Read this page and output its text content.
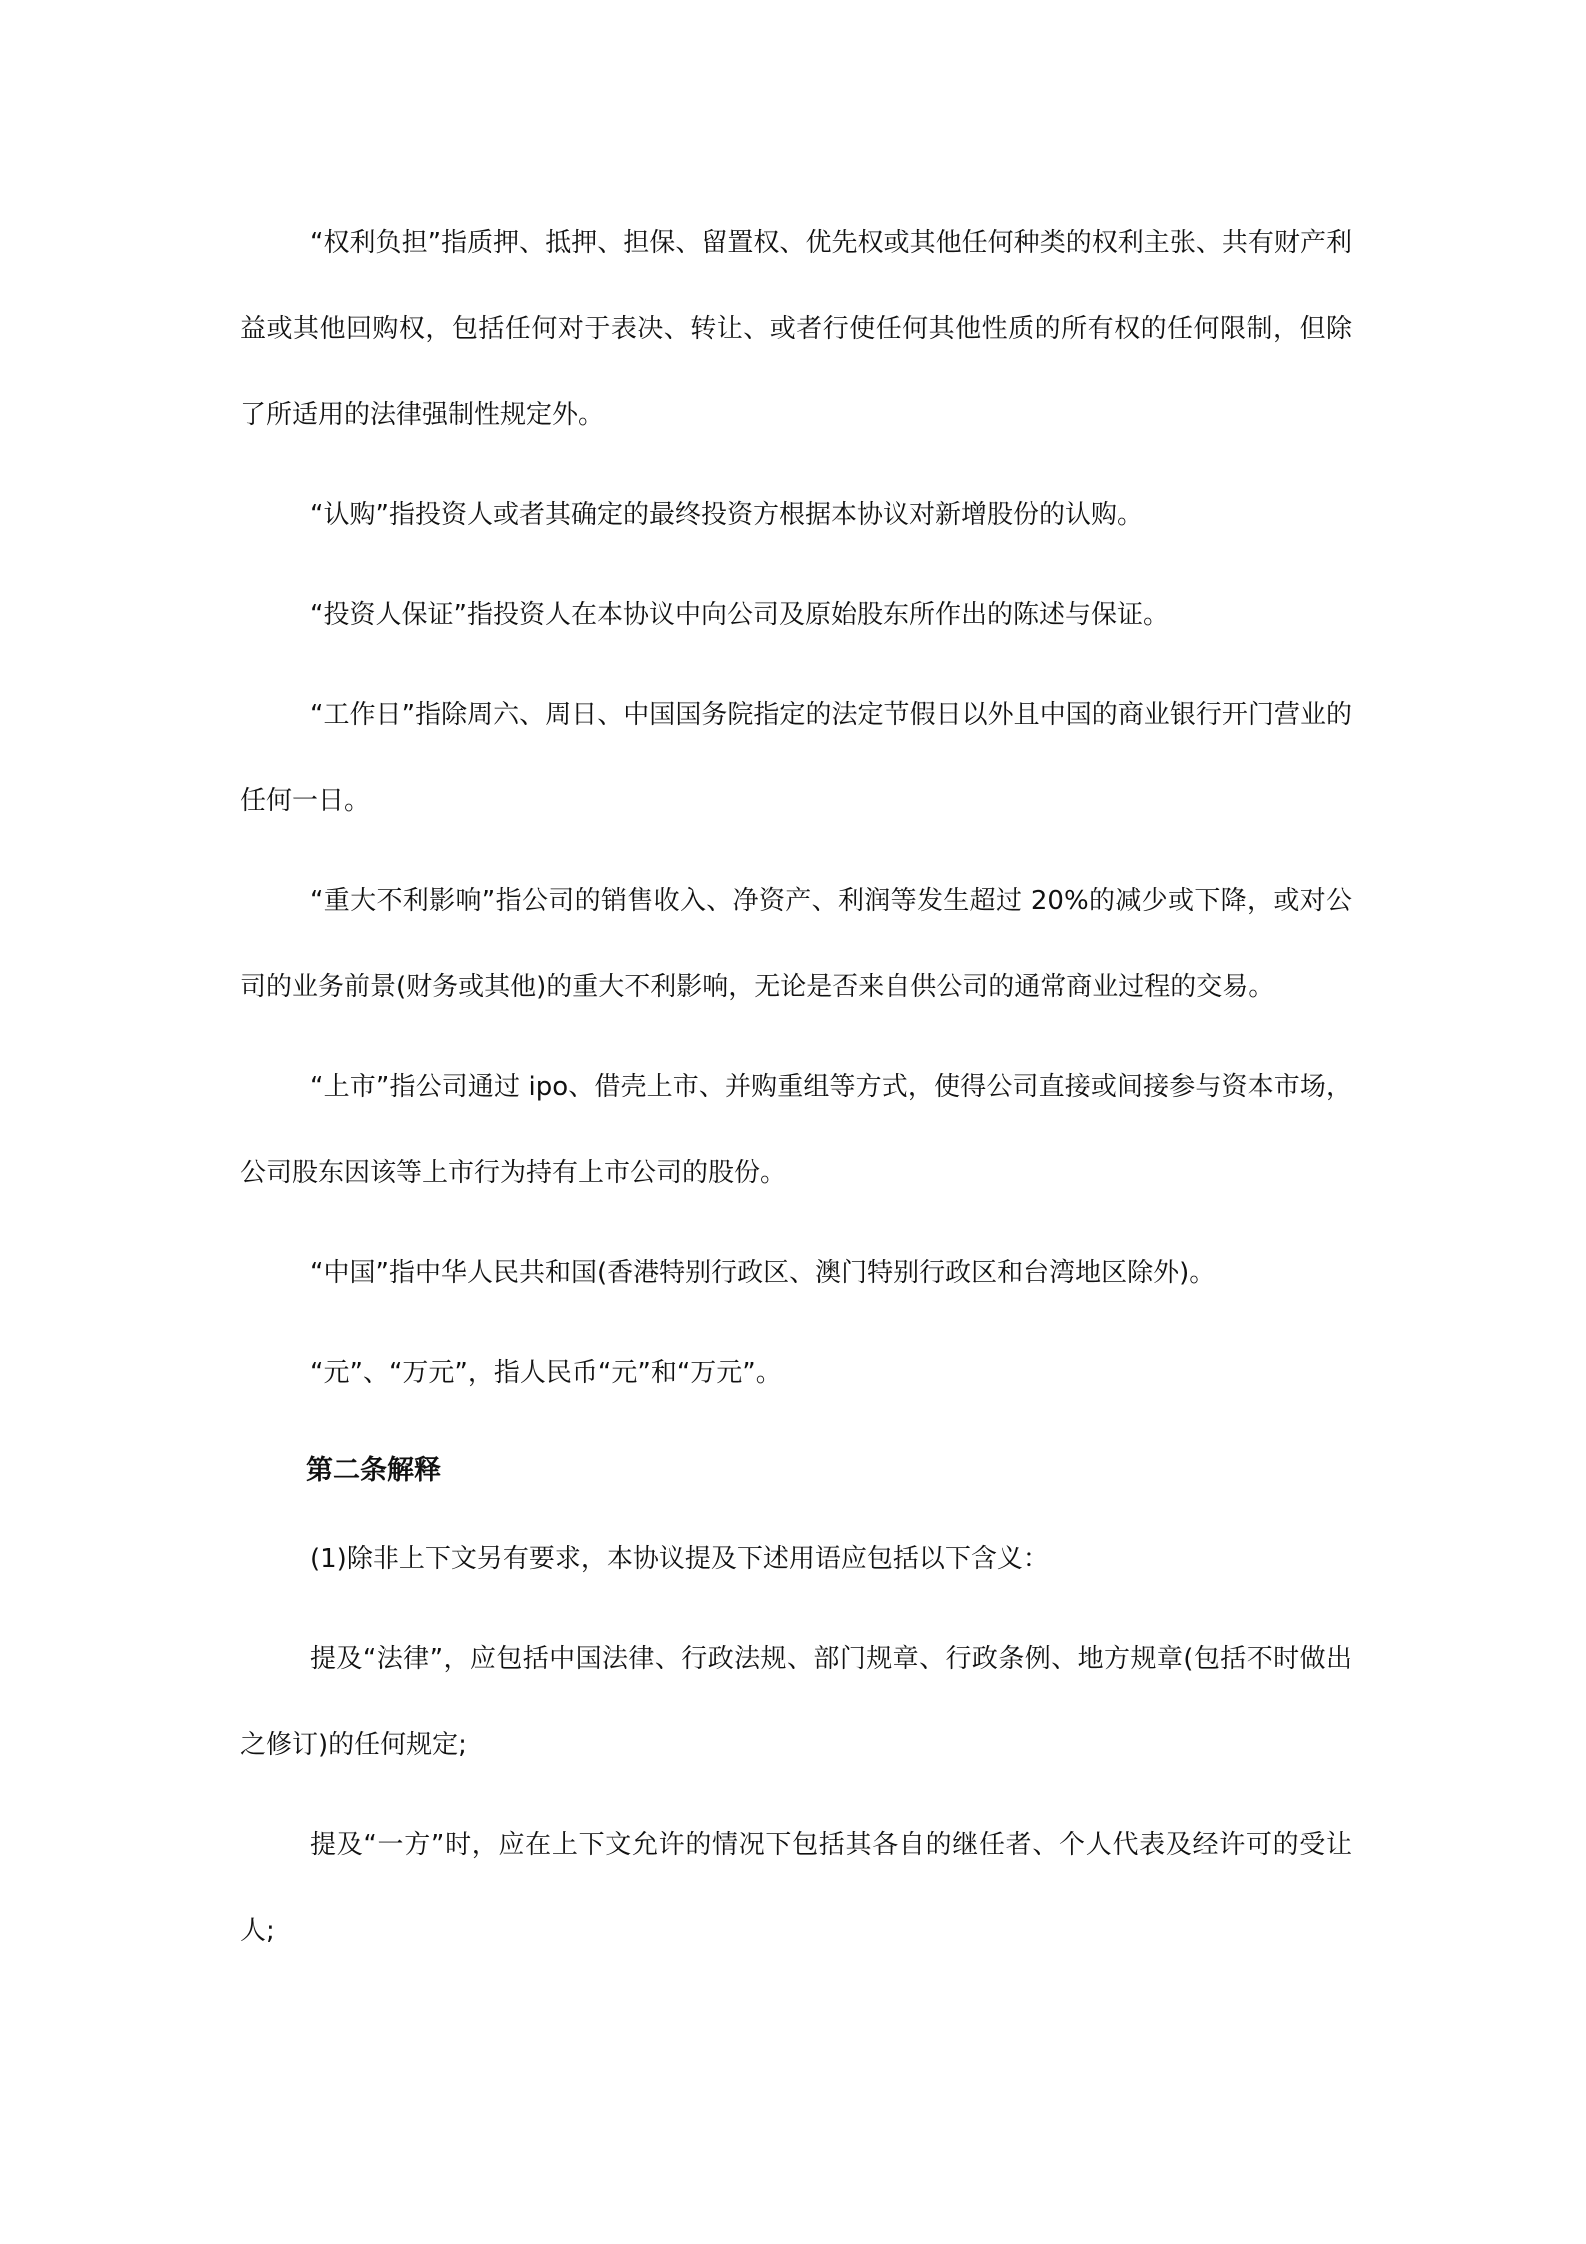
“权利负担”指质押、抵押、担保、留置权、优先权或其他任何种类的权利主张、共有财产利益或其他回购权，包括任何对于表决、转让、或者行使任何其他性质的所有权的任何限制，但除了所适用的法律强制性规定外。

“认购”指投资人或者其确定的最终投资方根据本协议对新增股份的认购。

“投资人保证”指投资人在本协议中向公司及原始股东所作出的陈述与保证。

“工作日”指除周六、周日、中国国务院指定的法定节假日以外且中国的商业银行开门营业的任何一日。

“重大不利影响”指公司的销售收入、净资产、利润等发生超过 20%的减少或下降，或对公司的业务前景(财务或其他)的重大不利影响，无论是否来自供公司的通常商业过程的交易。

“上市”指公司通过 ipo、借壳上市、并购重组等方式，使得公司直接或间接参与资本市场，公司股东因该等上市行为持有上市公司的股份。

“中国”指中华人民共和国(香港特别行政区、澳门特别行政区和台湾地区除外)。

“元”、“万元”，指人民币“元”和“万元”。

第二条解释

(1)除非上下文另有要求，本协议提及下述用语应包括以下含义：

提及“法律”，应包括中国法律、行政法规、部门规章、行政条例、地方规章(包括不时做出之修订)的任何规定;

提及“一方”时，应在上下文允许的情况下包括其各自的继任者、个人代表及经许可的受让人;
